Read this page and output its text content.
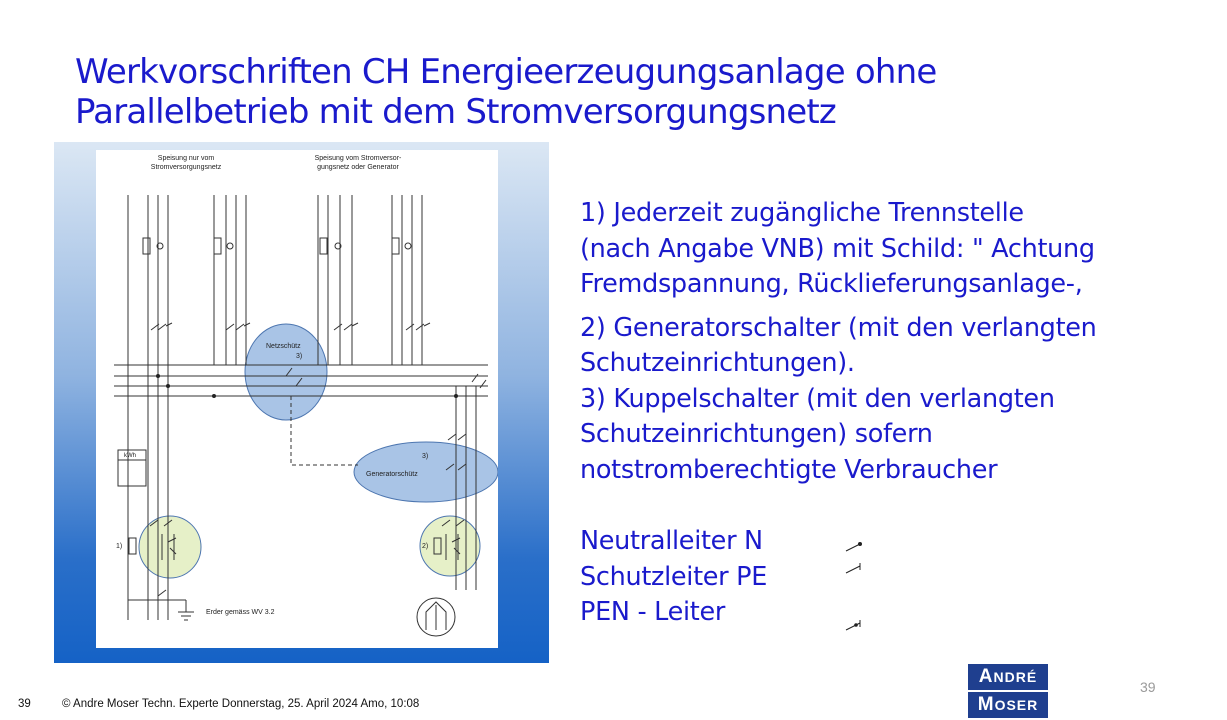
Werkvorschriften CH Energieerzeugungsanlage ohne
Parallelbetrieb mit dem Stromversorgungsnetz
Speisung nur vom
Stromversorgungsnetz
Speisung vom Stromversor-
gungsnetz oder Generator
Netzschütz
3)
Generatorschütz
3)
kWh
1)	2)
Erder gemäss WV 3.2
1) Jederzeit zugängliche Trennstelle
(nach Angabe VNB) mit Schild: " Achtung
Fremdspannung, Rücklieferungsanlage-,
2) Generatorschalter (mit den verlangten
Schutzeinrichtungen).
3) Kuppelschalter (mit den verlangten
Schutzeinrichtungen) sofern
notstromberechtigte Verbraucher
Neutralleiter N
Schutzleiter PE
PEN - Leiter
39	© Andre Moser Techn. Experte Donnerstag, 25. April 2024 Amo, 10:08
39
ANDRÉ
MOSER
